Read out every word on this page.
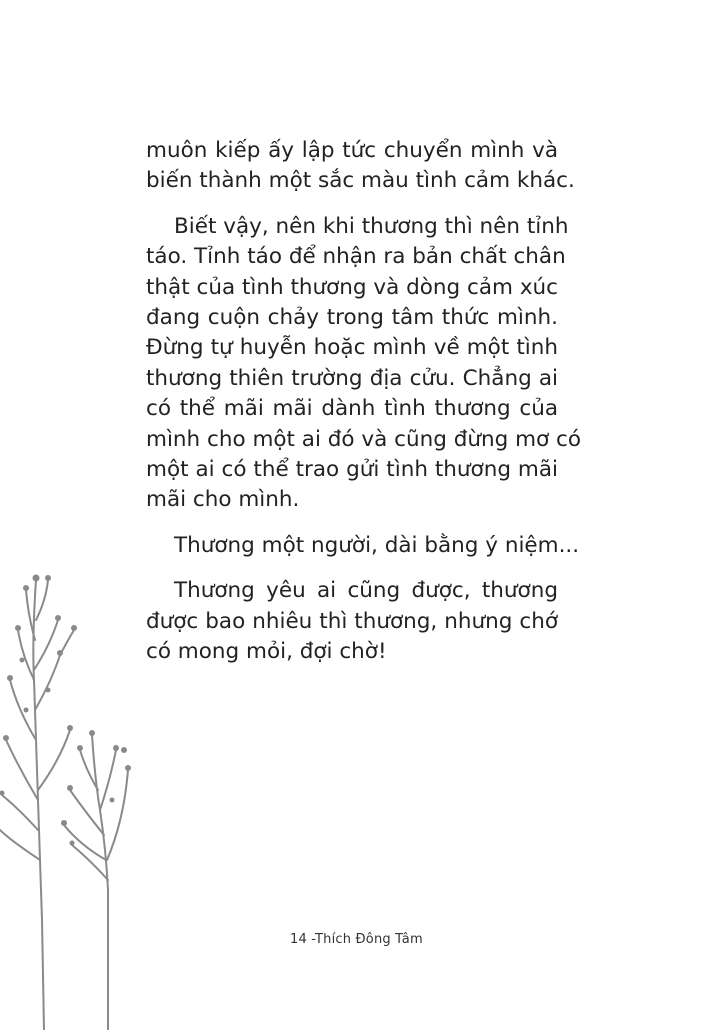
muôn kiếp ấy lập tức chuyển mình và
biến thành một sắc màu tình cảm khác.

Biết vậy, nên khi thương thì nên tỉnh
táo. Tỉnh táo để nhận ra bản chất chân
thật của tình thương và dòng cảm xúc
đang cuộn chảy trong tâm thức mình.
Đừng tự huyễn hoặc mình về một tình
thương thiên trường địa cửu. Chẳng ai
có thể mãi mãi dành tình thương của
mình cho một ai đó và cũng đừng mơ có
một ai có thể trao gửi tình thương mãi
mãi cho mình.

Thương một người, dài bằng ý niệm...

Thương yêu ai cũng được, thương
được bao nhiêu thì thương, nhưng chớ
có mong mỏi, đợi chờ!

14 -Thích Đông Tâm
